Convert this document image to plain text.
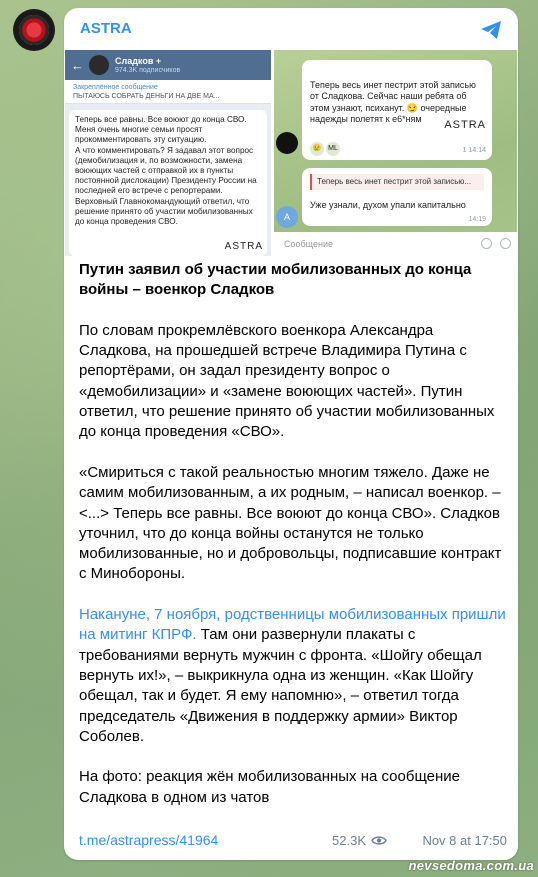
ASTRA
←	Сладков +
974.3K подписчиков
Закреплённое сообщение
ПЫТАЮСЬ СОБРАТЬ ДЕНЬГИ НА ДВЕ МА...
Теперь все равны. Все воюют до конца СВО. Меня очень многие семьи просят прокомментировать эту ситуацию.
А что комментировать? Я задавал этот вопрос (демобилизация и, по возможности, замена воюющих частей с отправкой их в пункты постоянной дислокации) Президенту России на последней его встрече с репортерами.
Верховный Главнокомандующий ответил, что решение принято об участии мобилизованных до конца проведения СВО.
ASTRA

Теперь весь инет пестрит этой записью от Сладкова. Сейчас наши ребята об этом узнают, психанут. 😏 очередные надежды полетят к е6*ням ASTRA

😢 ML	1 14:14

Теперь весь инет пестрит этой записью...
Уже узнали, духом упали капитально
14:19
A
Сообщение

Путин заявил об участии мобилизованных до конца войны – военкор Сладков

По словам прокремлёвского военкора Александра Сладкова, на прошедшей встрече Владимира Путина с репортёрами, он задал президенту вопрос о «демобилизации» и «замене воюющих частей». Путин ответил, что решение принято об участии мобилизованных до конца проведения «СВО».

«Смириться с такой реальностью многим тяжело. Даже не самим мобилизованным, а их родным, – написал военкор. – <...> Теперь все равны. Все воюют до конца СВО». Сладков уточнил, что до конца войны останутся не только мобилизованные, но и добровольцы, подписавшие контракт с Минобороны.

Накануне, 7 ноября, родственницы мобилизованных пришли на митинг КПРФ. Там они развернули плакаты с требованиями вернуть мужчин с фронта. «Шойгу обещал вернуть их!», – выкрикнула одна из женщин. «Как Шойгу обещал, так и будет. Я ему напомню», – ответил тогда председатель «Движения в поддержку армии» Виктор Соболев.

На фото: реакция жён мобилизованных на сообщение Сладкова в одном из чатов

t.me/astrapress/41964	52.3K	Nov 8 at 17:50
nevsedoma.com.ua
